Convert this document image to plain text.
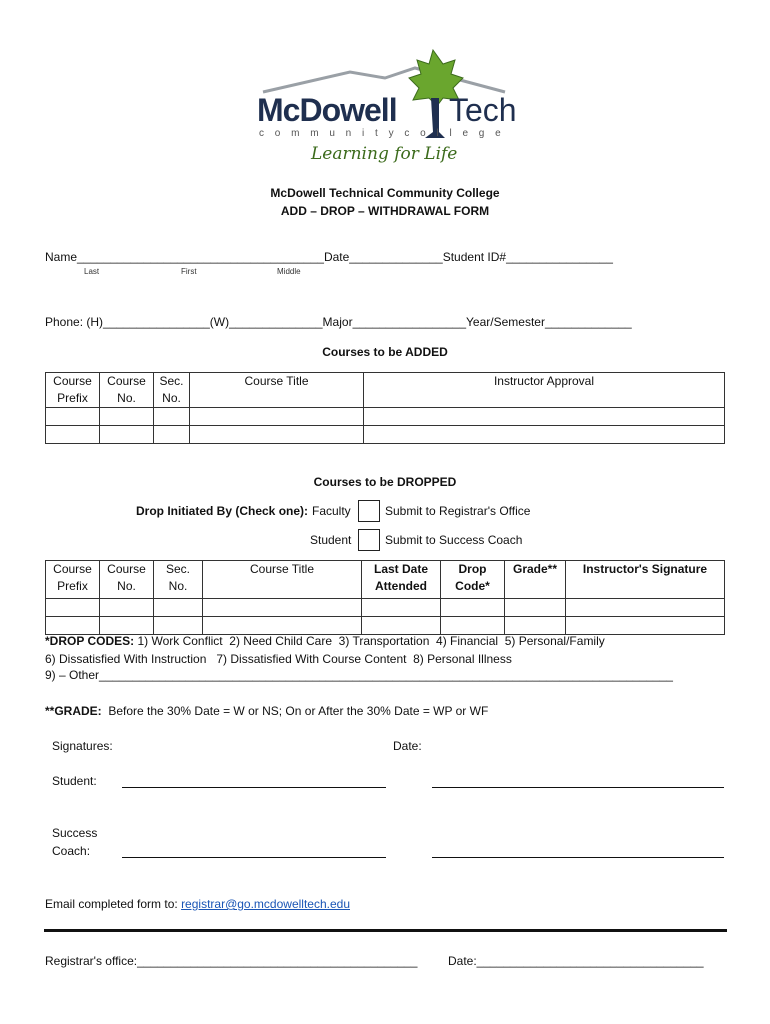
McDowell Tech
c o m m u n i t y c o l l e g e
Learning for Life
McDowell Technical Community College
ADD – DROP – WITHDRAWAL FORM
Name_____________________________________Date______________Student ID#________________
Last	First	Middle
Phone: (H)________________(W)______________Major_________________Year/Semester_____________
Courses to be ADDED
Course Prefix	Course No.	Sec. No.	Course Title	Instructor Approval

Courses to be DROPPED
Drop Initiated By (Check one): Faculty	Submit to Registrar's Office
Student	Submit to Success Coach
Course Prefix	Course No.	Sec. No.	Course Title	Last Date Attended	Drop Code*	Grade**	Instructor's Signature

*DROP CODES: 1) Work Conflict  2) Need Child Care  3) Transportation  4) Financial  5) Personal/Family
6) Dissatisfied With Instruction   7) Dissatisfied With Course Content  8) Personal Illness
9) – Other______________________________________________________________________________________
**GRADE:  Before the 30% Date = W or NS; On or After the 30% Date = WP or WF
Signatures:	Date:
Student:
Success
Coach:
Email completed form to: registrar@go.mcdowelltech.edu
Registrar's office:__________________________________________	Date:__________________________________
